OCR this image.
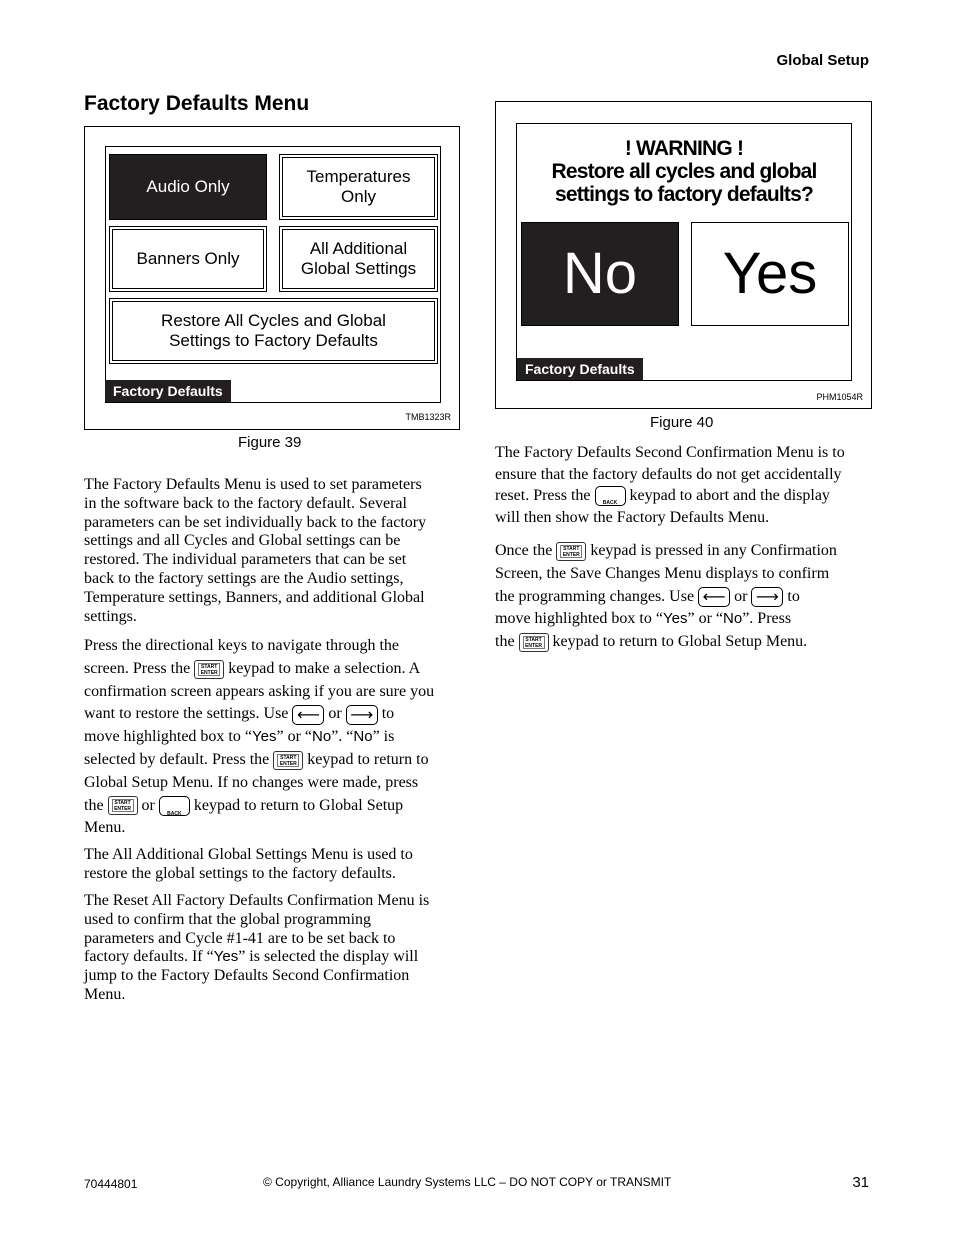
Global Setup
Factory Defaults Menu
Audio Only
Temperatures
Only
Banners Only
All Additional
Global Settings
Restore All Cycles and Global
Settings to Factory Defaults
Factory Defaults
TMB1323R
Figure 39
! WARNING !
Restore all cycles and global
settings to factory defaults?
No	Yes
Factory Defaults
PHM1054R
Figure 40
The Factory Defaults Menu is used to set parameters
in the software back to the factory default. Several
parameters can be set individually back to the factory
settings and all Cycles and Global settings can be
restored. The individual parameters that can be set
back to the factory settings are the Audio settings,
Temperature settings, Banners, and additional Global
settings.
Press the directional keys to navigate through the
screen. Press the	START
ENTER keypad to make a selection. A
confirmation screen appears asking if you are sure you
want to restore the settings. Use ⟵ or ⟶ to
move highlighted box to “Yes” or “No”. “No” is
selected by default. Press the	START
ENTER keypad to return to
Global Setup Menu. If no changes were made, press
the	START
ENTER or
BACK
keypad to return to Global Setup
Menu.
The All Additional Global Settings Menu is used to
restore the global settings to the factory defaults.
The Reset All Factory Defaults Confirmation Menu is
used to confirm that the global programming
parameters and Cycle #1-41 are to be set back to
factory defaults. If “Yes” is selected the display will
jump to the Factory Defaults Second Confirmation
Menu.
The Factory Defaults Second Confirmation Menu is to
ensure that the factory defaults do not get accidentally
reset. Press the	BACK keypad to abort and the display
will then show the Factory Defaults Menu.
Once the	START
ENTER keypad is pressed in any Confirmation
Screen, the Save Changes Menu displays to confirm
the programming changes. Use ⟵ or ⟶ to
move highlighted box to “Yes” or “No”. Press
the	START
ENTER keypad to return to Global Setup Menu.
70444801	© Copyright, Alliance Laundry Systems LLC – DO NOT COPY or TRANSMIT	31
